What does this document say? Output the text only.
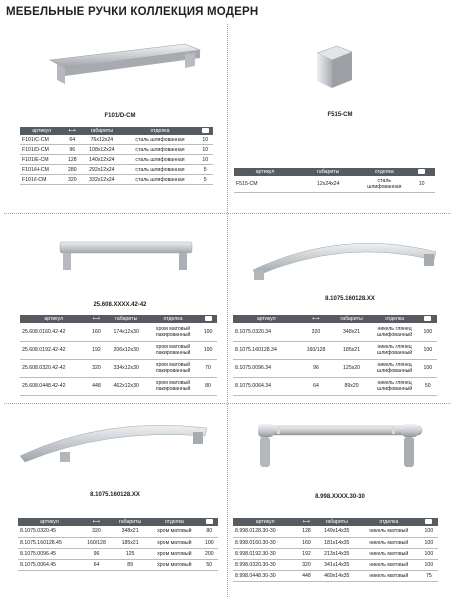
МЕБЕЛЬНЫЕ РУЧКИ КОЛЛЕКЦИЯ МОДЕРН
F101/D-CM
артикул	⟷	габариты	отделка	
F101/C-CM	64	76x12x24	сталь шлифованная	10
F101/D-CM	96	108x12x24	сталь шлифованная	10
F101/E-CM	128	140x12x24	сталь шлифованная	10
F101/H-CM	280	292x12x24	сталь шлифованная	5
F101/I-CM	320	332x12x24	сталь шлифованная	5
F515-CM
артикул	габариты	отделка	
F515-CM	12x24x24	сталь шлифованная	10
25.608.XXXX.42-42
артикул	⟷	габариты	отделка	
25.608.0160.42-42	160	174x12x30	хром матовый лакированный	100
25.608.0192.42-42	192	206x12x30	хром матовый лакированный	100
25.608.0320.42-42	320	334x12x30	хром матовый лакированный	70
25.608.0448.42-42	448	462x12x30	хром матовый лакированный	80
8.1075.160128.XX
артикул	⟷	габариты	отделка	
8.1075.0320.34	320	348x21	никель глянец шлифованный	100
8.1075.160128.34	160/128	185x21	никель глянец шлифованный	100
8.1075.0096.34	96	125x20	никель глянец шлифованный	100
8.1075.0064.34	64	89x20	никель глянец шлифованный	50
8.1075.160128.XX
артикул	⟷	габариты	отделка	
8.1075.0320.45	320	348x21	хром матовый	80
8.1075.160128.45	160/128	185x21	хром матовый	100
8.1075.0096.45	96	125	хром матовый	200
8.1075.0064.45	64	89	хром матовый	50
8.998.XXXX.30-30
артикул	⟷	габариты	отделка	
8.998.0128.30-30	128	149x14x35	никель матовый	100
8.998.0160.30-30	160	181x14x35	никель матовый	100
8.998.0192.30-30	192	213x14x35	никель матовый	100
8.998.0320.30-30	320	341x14x35	никель матовый	100
8.998.0448.30-30	448	469x14x35	никель матовый	75
